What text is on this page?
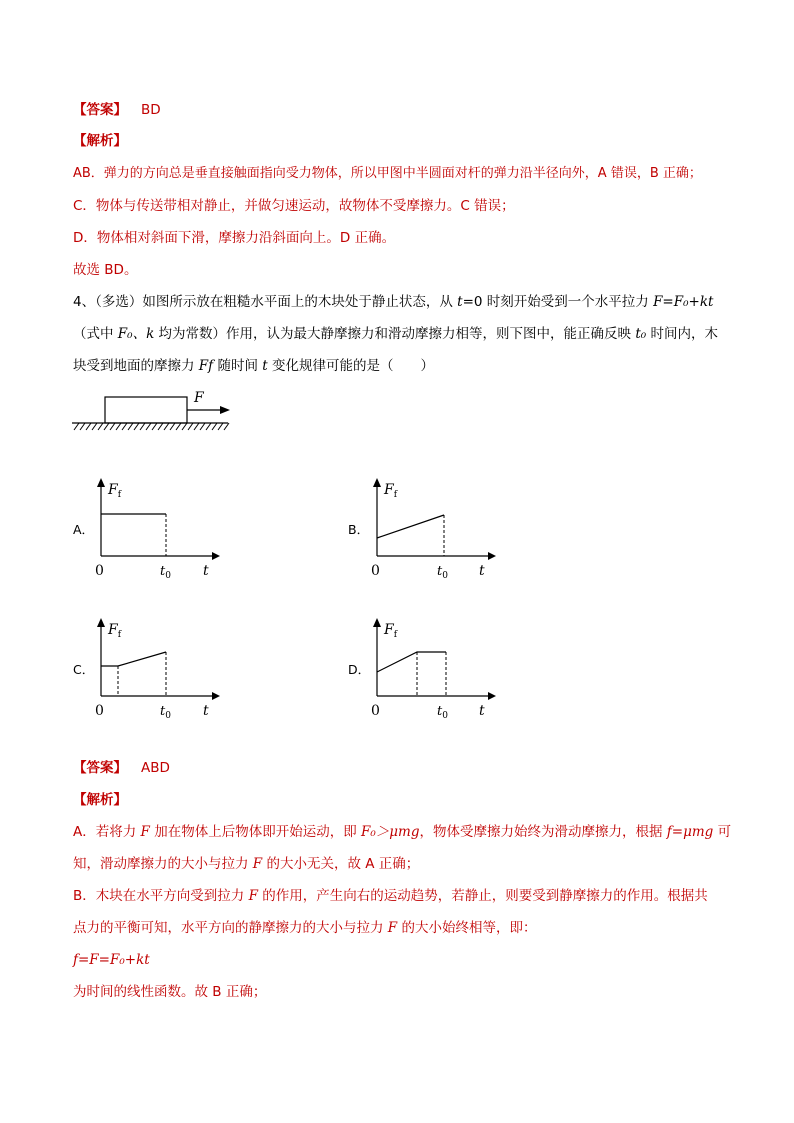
【答案】 BD
【解析】
AB．弹力的方向总是垂直接触面指向受力物体，所以甲图中半圆面对杆的弹力沿半径向外，A 错误，B 正确；
C．物体与传送带相对静止，并做匀速运动，故物体不受摩擦力。C 错误；
D．物体相对斜面下滑，摩擦力沿斜面向上。D 正确。
故选 BD。
4、（多选）如图所示放在粗糙水平面上的木块处于静止状态，从 t=0 时刻开始受到一个水平拉力 F=F₀+kt
（式中 F₀、k 均为常数）作用，认为最大静摩擦力和滑动摩擦力相等，则下图中，能正确反映 t₀ 时间内，木
块受到地面的摩擦力 Ff 随时间 t 变化规律可能的是（　　）
F
A．
$F_f$
0	$t_0$ t
B．
$F_f$
0	$t_0$ t
C．
$F_f$
0	$t_0$ t
D．
$F_f$
0	$t_0$ t
【答案】 ABD
【解析】
A．若将力 F 加在物体上后物体即开始运动，即 F₀＞μmg，物体受摩擦力始终为滑动摩擦力，根据 f=μmg 可
知，滑动摩擦力的大小与拉力 F 的大小无关，故 A 正确；
B．木块在水平方向受到拉力 F 的作用，产生向右的运动趋势，若静止，则要受到静摩擦力的作用。根据共
点力的平衡可知，水平方向的静摩擦力的大小与拉力 F 的大小始终相等，即：
f=F=F₀+kt
为时间的线性函数。故 B 正确；
